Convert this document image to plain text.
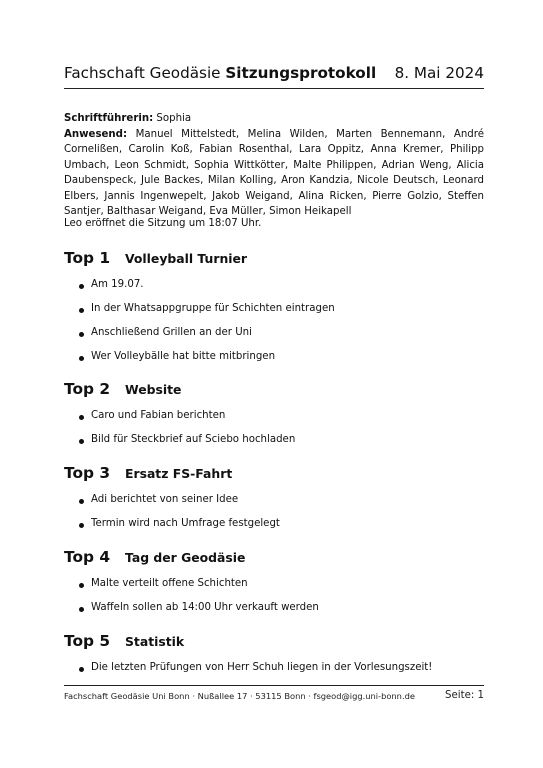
Fachschaft Geodäsie Sitzungsprotokoll 8. Mai 2024
Schriftführerin: Sophia
Anwesend: Manuel Mittelstedt, Melina Wilden, Marten Bennemann, André Cornelißen, Carolin Koß, Fabian Rosenthal, Lara Oppitz, Anna Kremer, Philipp Umbach, Leon Schmidt, Sophia Wittkötter, Malte Philippen, Adrian Weng, Alicia Daubenspeck, Jule Backes, Milan Kolling, Aron Kandzia, Nicole Deutsch, Leonard Elbers, Jannis Ingenwepelt, Jakob Weigand, Alina Ricken, Pierre Golzio, Steffen Santjer, Balthasar Weigand, Eva Müller, Simon Heikapell
Leo eröffnet die Sitzung um 18:07 Uhr.
Top 1 Volleyball Turnier
Am 19.07.
In der Whatsappgruppe für Schichten eintragen
Anschließend Grillen an der Uni
Wer Volleybälle hat bitte mitbringen
Top 2 Website
Caro und Fabian berichten
Bild für Steckbrief auf Sciebo hochladen
Top 3 Ersatz FS-Fahrt
Adi berichtet von seiner Idee
Termin wird nach Umfrage festgelegt
Top 4 Tag der Geodäsie
Malte verteilt offene Schichten
Waffeln sollen ab 14:00 Uhr verkauft werden
Top 5 Statistik
Die letzten Prüfungen von Herr Schuh liegen in der Vorlesungszeit!
Fachschaft Geodäsie Uni Bonn · Nußallee 17 · 53115 Bonn · fsgeod@igg.uni-bonn.de	Seite: 1
